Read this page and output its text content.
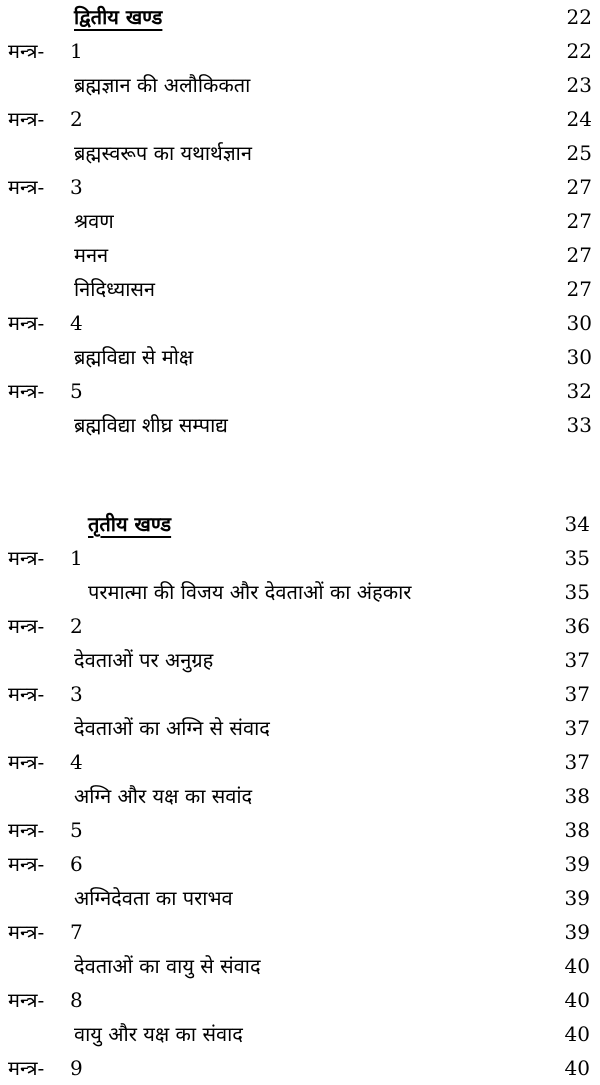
द्वितीय खण्ड	22
मन्त्र- 1	22
ब्रह्मज्ञान की अलौकिकता	23
मन्त्र- 2	24
ब्रह्मस्वरूप का यथार्थज्ञान	25
मन्त्र- 3	27
श्रवण	27
मनन	27
निदिध्यासन	27
मन्त्र- 4	30
ब्रह्मविद्या से मोक्ष	30
मन्त्र- 5	32
ब्रह्मविद्या शीघ्र सम्पाद्य	33
तृतीय खण्ड	34
मन्त्र- 1	35
परमात्मा की विजय और देवताओं का अंहकार	35
मन्त्र- 2	36
देवताओं पर अनुग्रह	37
मन्त्र- 3	37
देवताओं का अग्नि से संवाद	37
मन्त्र- 4	37
अग्नि और यक्ष का सवांद	38
मन्त्र- 5	38
मन्त्र- 6	39
अग्निदेवता का पराभव	39
मन्त्र- 7	39
देवताओं का वायु से संवाद	40
मन्त्र- 8	40
वायु और यक्ष का संवाद	40
मन्त्र- 9	40
